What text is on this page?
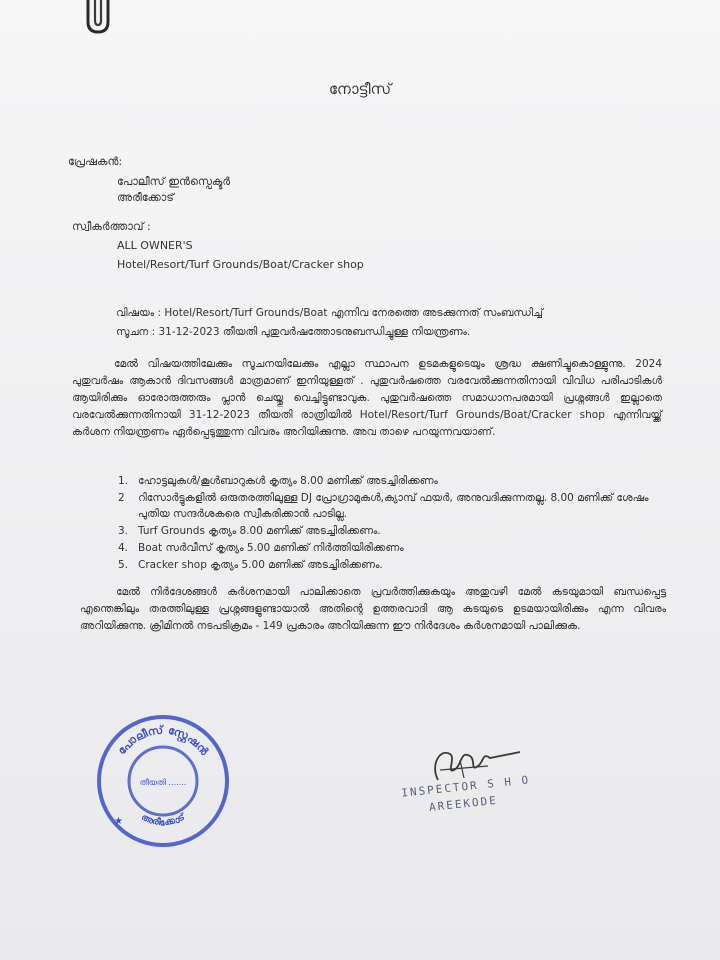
നോട്ടീസ്
പ്രേഷകൻ:
പോലീസ് ഇൻസ്പെക്ടർ
അരീക്കോട്
സ്വീകർത്താവ് :
ALL OWNER'S
Hotel/Resort/Turf Grounds/Boat/Cracker shop
വിഷയം : Hotel/Resort/Turf Grounds/Boat എന്നിവ നേരത്തെ അടക്കുന്നത് സംബന്ധിച്ച്
സൂചന : 31-12-2023 തീയതി പുതുവർഷത്തോടനുബന്ധിച്ചുള്ള നിയന്ത്രണം.
മേൽ വിഷയത്തിലേക്കും സൂചനയിലേക്കും എല്ലാ സ്ഥാപന ഉടമകളുടെയും ശ്രദ്ധ ക്ഷണിച്ചുകൊള്ളുന്നു. 2024 പുതുവർഷം ആകാൻ ദിവസങ്ങൾ മാത്രമാണ് ഇനിയുള്ളത് . പുതുവർഷത്തെ വരവേൽക്കുന്നതിനായി വിവിധ പരിപാടികൾ ആയിരിക്കും ഓരോരുത്തരും പ്ലാൻ ചെയ്തു വെച്ചിട്ടുണ്ടാവുക. പുതുവർഷത്തെ സമാധാനപരമായി പ്രശ്നങ്ങൾ ഇല്ലാതെ വരവേൽക്കുന്നതിനായി 31-12-2023 തീയതി രാത്രിയിൽ Hotel/Resort/Turf Grounds/Boat/Cracker shop എന്നിവയ്ക്ക് കർശന നിയന്ത്രണം ഏർപ്പെടുത്തുന്ന വിവരം അറിയിക്കുന്നു. അവ താഴെ പറയുന്നവയാണ്.
1. ഹോട്ടലുകൾ/കൂൾബാറുകൾ കൃത്യം 8.00 മണിക്ക് അടച്ചിരിക്കണം
2	റിസോർട്ടുകളിൽ ഒരുതരത്തിലുള്ള DJ പ്രോഗ്രാമുകൾ,ക്യാമ്പ് ഫയർ, അനുവദിക്കുന്നതല്ല. 8.00 മണിക്ക് ശേഷം പുതിയ സന്ദർശകരെ സ്വീകരിക്കാൻ പാടില്ല.
3. Turf Grounds കൃത്യം 8.00 മണിക്ക് അടച്ചിരിക്കണം.
4. Boat സർവീസ് കൃത്യം 5.00 മണിക്ക് നിർത്തിയിരിക്കണം
5. Cracker shop കൃത്യം 5.00 മണിക്ക് അടച്ചിരിക്കണം.
മേൽ നിർദേശങ്ങൾ കർശനമായി പാലിക്കാതെ പ്രവർത്തിക്കുകയും അതുവഴി മേൽ കടയുമായി ബന്ധപ്പെട്ട എന്തെങ്കിലും തരത്തിലുള്ള പ്രശ്നങ്ങളുണ്ടായാൽ അതിന്റെ ഉത്തരവാദി ആ കടയുടെ ഉടമയായിരിക്കും എന്ന വിവരം അറിയിക്കുന്നു. ക്രിമിനൽ നടപടിക്രമം - 149 പ്രകാരം അറിയിക്കുന്ന ഈ നിർദേശം കർശനമായി പാലിക്കുക.
പോലീസ് സ്റ്റേഷൻ
തീയതി .......
അരീക്കോട്
★
INSPECTOR S H O
AREEKODE
